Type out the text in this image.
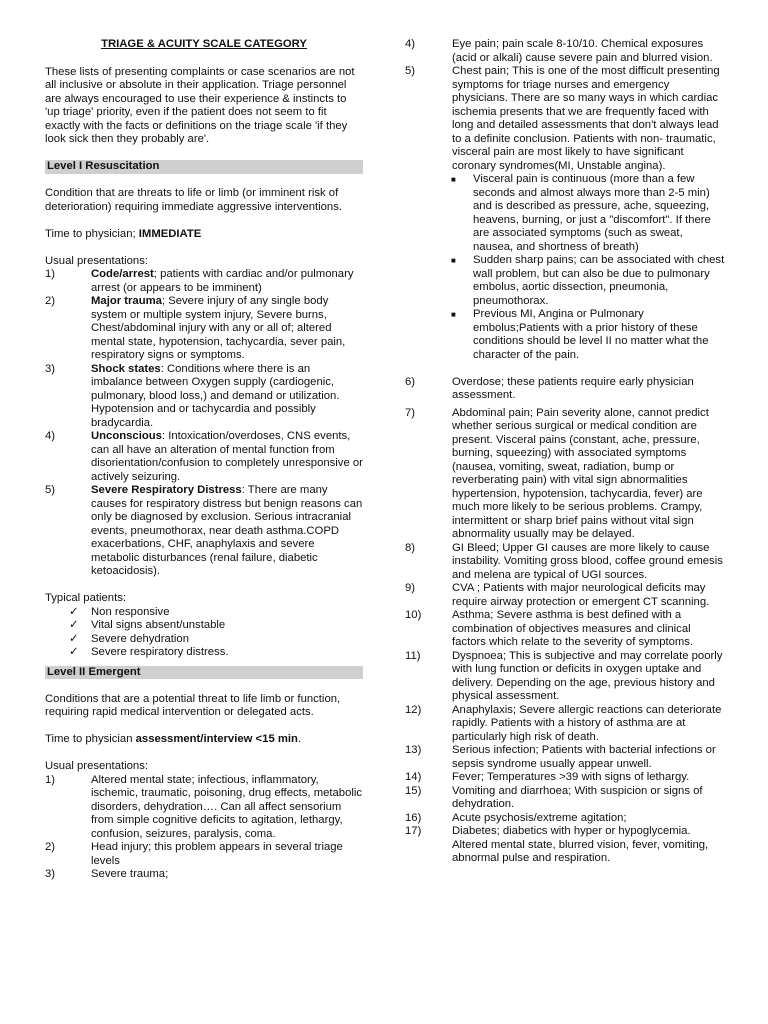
TRIAGE & ACUITY SCALE CATEGORY

These lists of presenting complaints or case scenarios are not all inclusive or absolute in their application. Triage personnel are always encouraged to use their experience & instincts to 'up triage' priority, even if the patient does not seem to fit exactly with the facts or definitions on the triage scale 'if they look sick then they probably are'.

Level I Resuscitation

Condition that are threats to life or limb (or imminent risk of deterioration) requiring immediate aggressive interventions.

Time to physician; IMMEDIATE

Usual presentations:

1)	Code/arrest; patients with cardiac and/or pulmonary arrest (or appears to be imminent)
2)	Major trauma; Severe injury of any single body system or multiple system injury, Severe burns, Chest/abdominal injury with any or all of; altered mental state, hypotension, tachycardia, sever pain, respiratory signs or symptoms.
3)	Shock states: Conditions where there is an imbalance between Oxygen supply (cardiogenic, pulmonary, blood loss,) and demand or utilization. Hypotension and or tachycardia and possibly bradycardia.
4)	Unconscious: Intoxication/overdoses, CNS events, can all have an alteration of mental function from disorientation/confusion to completely unresponsive or actively seizuring.
5)	Severe Respiratory Distress: There are many causes for respiratory distress but benign reasons can only be diagnosed by exclusion. Serious intracranial events, pneumothorax, near death asthma.COPD exacerbations, CHF, anaphylaxis and severe metabolic disturbances (renal failure, diabetic ketoacidosis).

Typical patients:

✓	Non responsive
✓	Vital signs absent/unstable
✓	Severe dehydration
✓	Severe respiratory distress.

Level II Emergent

Conditions that are a potential threat to life limb or function, requiring rapid medical intervention or delegated acts.

Time to physician assessment/interview <15 min.

Usual presentations:

1)	Altered mental state; infectious, inflammatory, ischemic, traumatic, poisoning, drug effects, metabolic disorders, dehydration…. Can all affect sensorium from simple cognitive deficits to agitation, lethargy, confusion, seizures, paralysis, coma.
2)	Head injury; this problem appears in several triage levels
3)	Severe trauma;
4)	Eye pain; pain scale 8-10/10. Chemical exposures (acid or alkali) cause severe pain and blurred vision.
5)	Chest pain; This is one of the most difficult presenting symptoms for triage nurses and emergency physicians. There are so many ways in which cardiac ischemia presents that we are frequently faced with long and detailed assessments that don't always lead to a definite conclusion. Patients with non- traumatic, visceral pain are most likely to have significant coronary syndromes(MI, Unstable angina).
■	Visceral pain is continuous (more than a few seconds and almost always more than 2-5 min) and is described as pressure, ache, squeezing, heavens, burning, or just a "discomfort". If there are associated symptoms (such as sweat, nausea, and shortness of breath)
■	Sudden sharp pains; can be associated with chest wall problem, but can also be due to pulmonary embolus, aortic dissection, pneumonia, pneumothorax.
■	Previous MI, Angina or Pulmonary embolus;Patients with a prior history of these conditions should be level II no matter what the character of the pain.
6)	Overdose; these patients require early physician assessment.
7)	Abdominal pain; Pain severity alone, cannot predict whether serious surgical or medical condition are present. Visceral pains (constant, ache, pressure, burning, squeezing) with associated symptoms (nausea, vomiting, sweat, radiation, bump or reverberating pain) with vital sign abnormalities hypertension, hypotension, tachycardia, fever) are much more likely to be serious problems. Crampy, intermittent or sharp brief pains without vital sign abnormality usually may be delayed.
8)	GI Bleed; Upper GI causes are more likely to cause instability. Vomiting gross blood, coffee ground emesis and melena are typical of UGI sources.
9)	CVA ; Patients with major neurological deficits may require airway protection or emergent CT scanning.
10)	Asthma; Severe asthma is best defined with a combination of objectives measures and clinical factors which relate to the severity of symptoms.
11)	Dyspnoea; This is subjective and may correlate poorly with lung function or deficits in oxygen uptake and delivery. Depending on the age, previous history and physical assessment.
12)	Anaphylaxis; Severe allergic reactions can deteriorate rapidly. Patients with a history of asthma are at particularly high risk of death.
13)	Serious infection; Patients with bacterial infections or sepsis syndrome usually appear unwell.
14)	Fever; Temperatures >39 with signs of lethargy.
15)	Vomiting and diarrhoea; With suspicion or signs of dehydration.
16)	Acute psychosis/extreme agitation;
17)	Diabetes; diabetics with hyper or hypoglycemia. Altered mental state, blurred vision, fever, vomiting, abnormal pulse and respiration.
